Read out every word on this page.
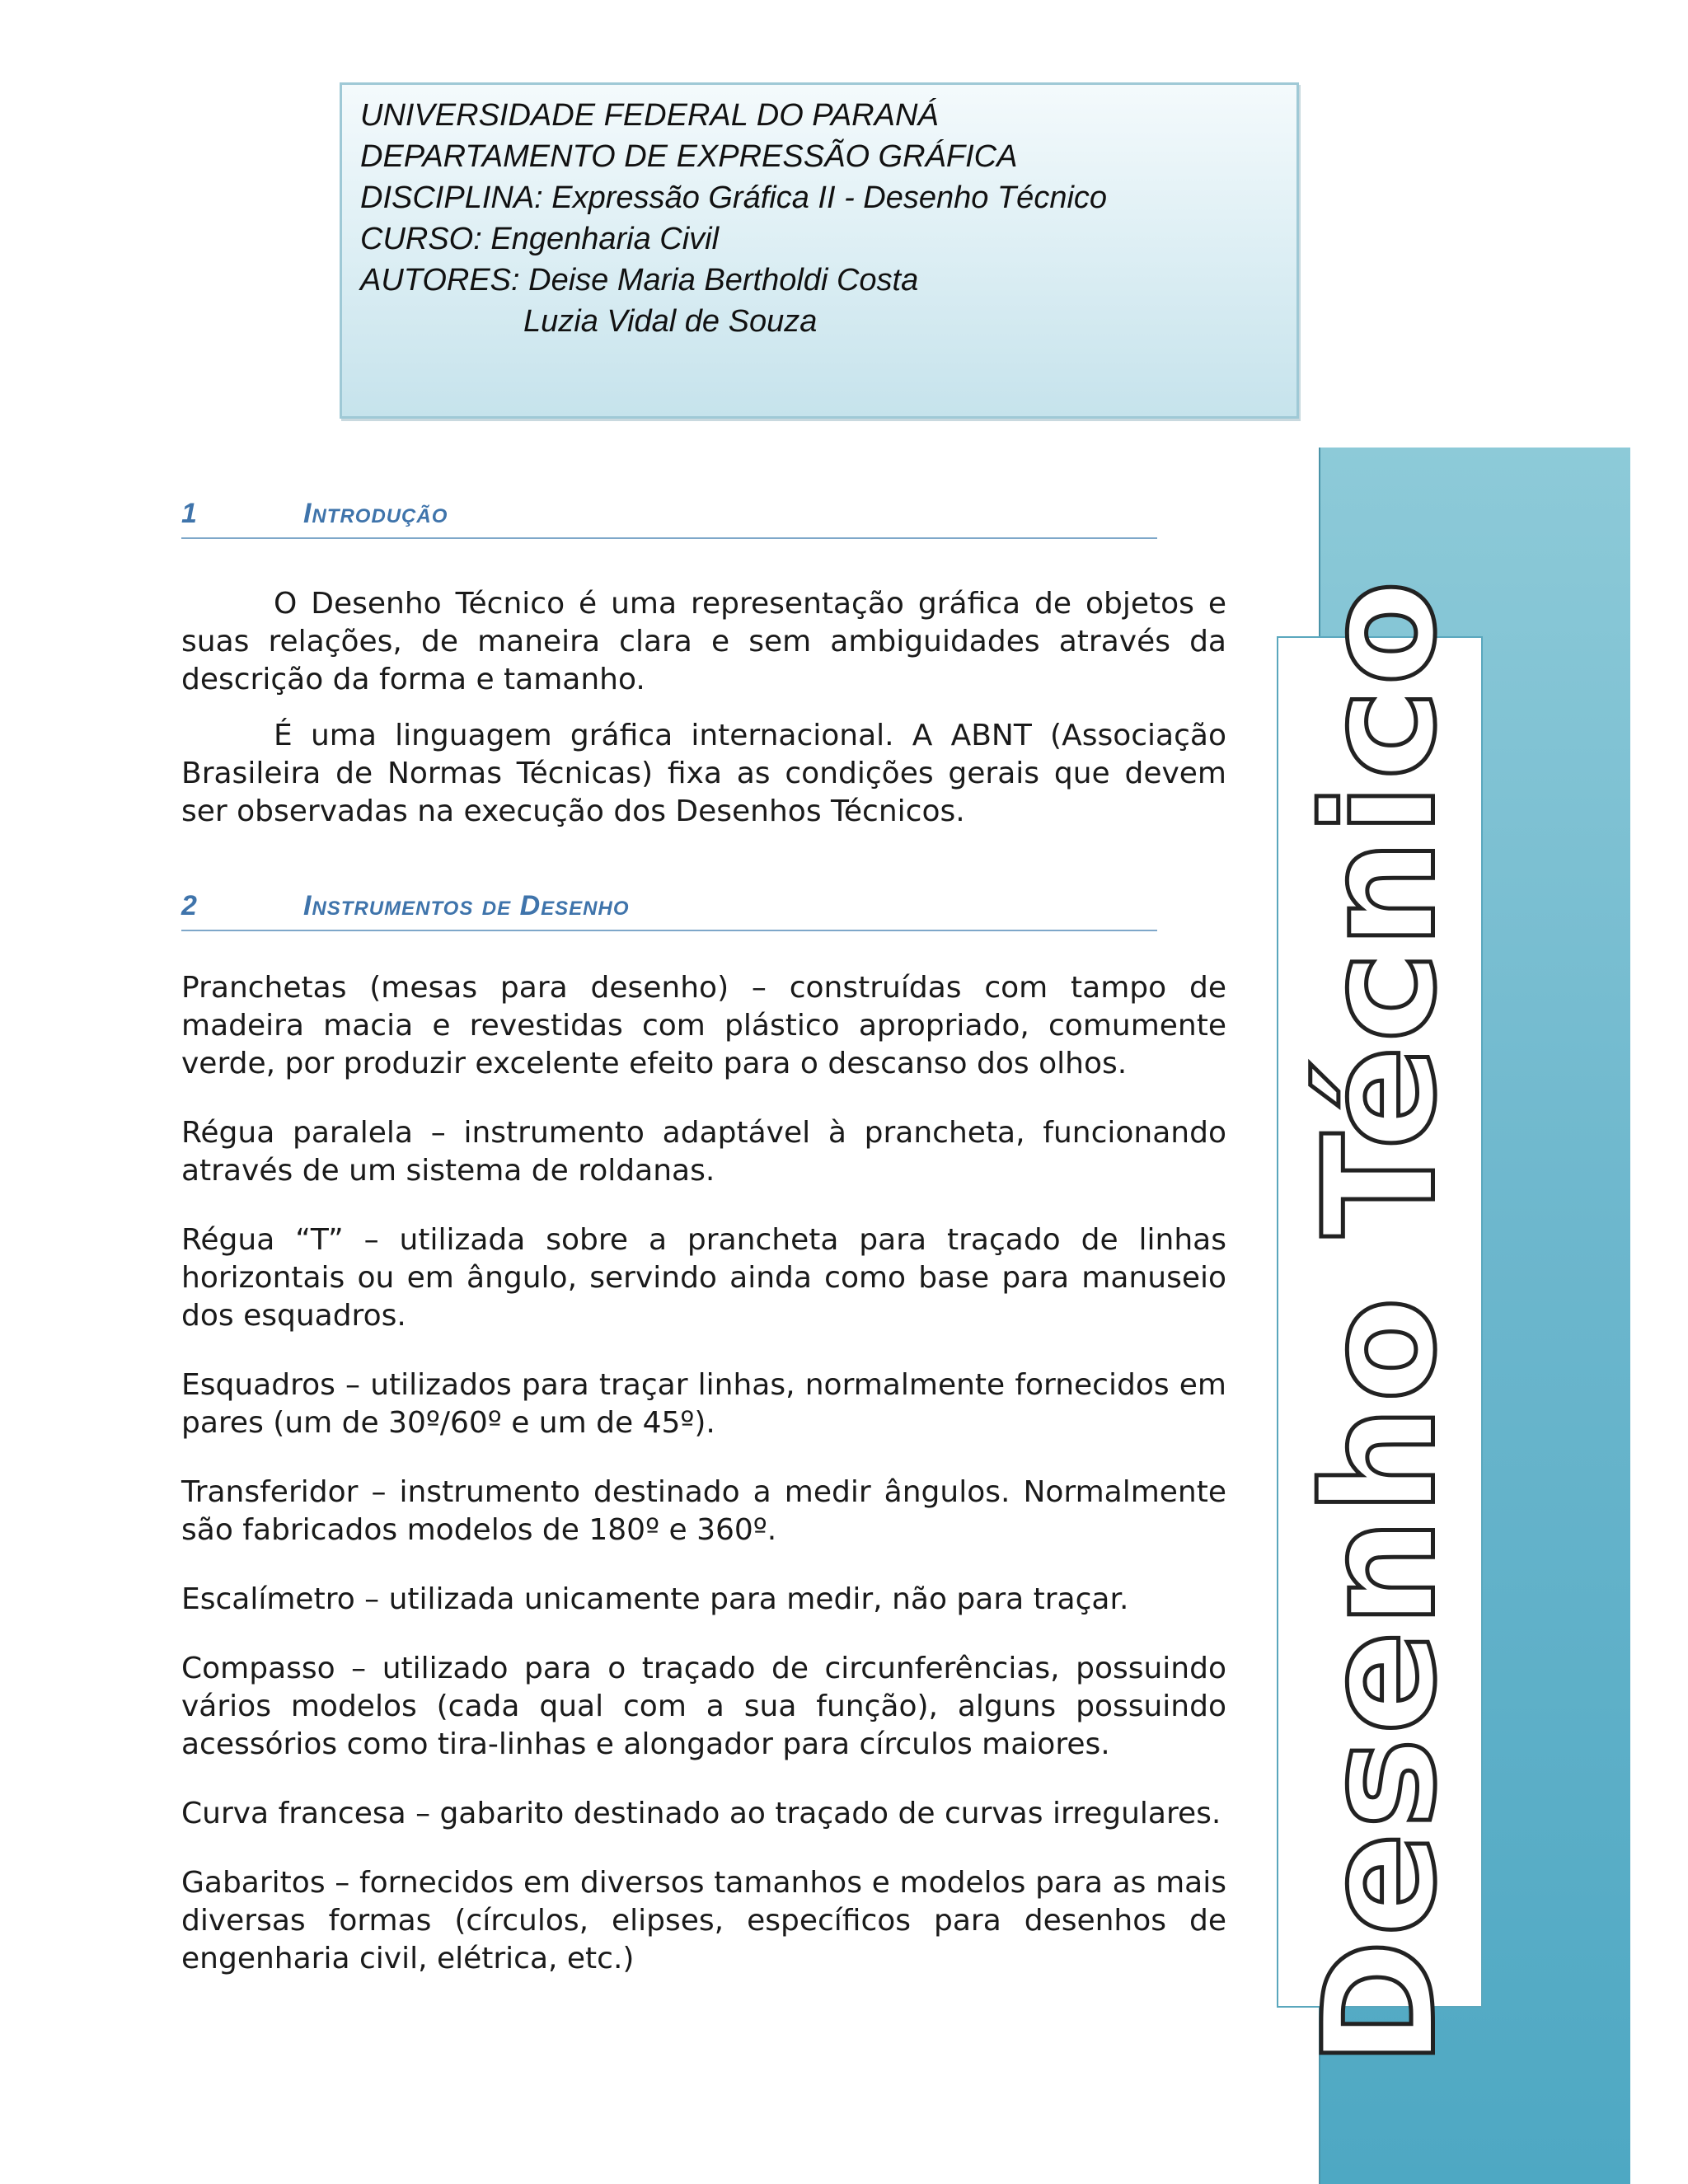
UNIVERSIDADE FEDERAL DO PARANÁ
DEPARTAMENTO DE EXPRESSÃO GRÁFICA
DISCIPLINA: Expressão Gráfica II - Desenho Técnico
CURSO: Engenharia Civil
AUTORES: Deise Maria Bertholdi Costa
Luzia Vidal de Souza
Desenho Técnico
1	Introdução

O Desenho Técnico é uma representação gráfica de objetos e suas relações, de maneira clara e sem ambiguidades através da descrição da forma e tamanho.

É uma linguagem gráfica internacional. A ABNT (Associação Brasileira de Normas Técnicas) fixa as condições gerais que devem ser observadas na execução dos Desenhos Técnicos.

2	Instrumentos de Desenho

Pranchetas (mesas para desenho) – construídas com tampo de madeira macia e revestidas com plástico apropriado, comumente verde, por produzir excelente efeito para o descanso dos olhos.

Régua paralela – instrumento adaptável à prancheta, funcionando através de um sistema de roldanas.

Régua “T” – utilizada sobre a prancheta para traçado de linhas horizontais ou em ângulo, servindo ainda como base para manuseio dos esquadros.

Esquadros – utilizados para traçar linhas, normalmente fornecidos em pares (um de 30º/60º e um de 45º).

Transferidor – instrumento destinado a medir ângulos. Normalmente são fabricados modelos de 180º e 360º.

Escalímetro – utilizada unicamente para medir, não para traçar.

Compasso – utilizado para o traçado de circunferências, possuindo vários modelos (cada qual com a sua função), alguns possuindo acessórios como tira-linhas e alongador para círculos maiores.

Curva francesa – gabarito destinado ao traçado de curvas irregulares.

Gabaritos – fornecidos em diversos tamanhos e modelos para as mais diversas formas (círculos, elipses, específicos para desenhos de engenharia civil, elétrica, etc.)
